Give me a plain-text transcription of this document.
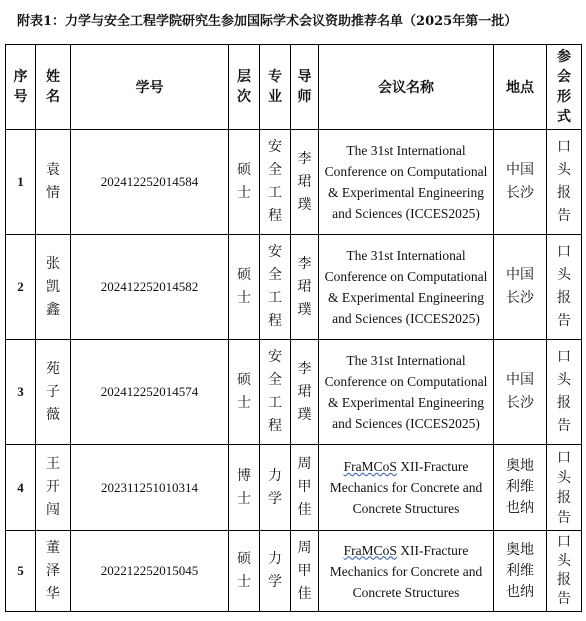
附表1：力学与安全工程学院研究生参加国际学术会议资助推荐名单（2025年第一批）
序号	姓名	学号	层次	专业	导师	会议名称	地点	参会形式

1	袁情	202412252014584	硕士	安全工程	李珺璞	The 31st International Conference on Computational & Experimental Engineering and Sciences (ICCES2025)	中国长沙	口头报告

2	张凯鑫	202412252014582	硕士	安全工程	李珺璞	The 31st International Conference on Computational & Experimental Engineering and Sciences (ICCES2025)	中国长沙	口头报告

3	苑子薇	202412252014574	硕士	安全工程	李珺璞	The 31st International Conference on Computational & Experimental Engineering and Sciences (ICCES2025)	中国长沙	口头报告

4	王开闯	202311251010314	博士	力学	周甲佳	FraMCoS XII-Fracture Mechanics for Concrete and Concrete Structures	奥地利维也纳	口头报告

5	董泽华	202212252015045	硕士	力学	周甲佳	FraMCoS XII-Fracture Mechanics for Concrete and Concrete Structures	奥地利维也纳	口头报告
